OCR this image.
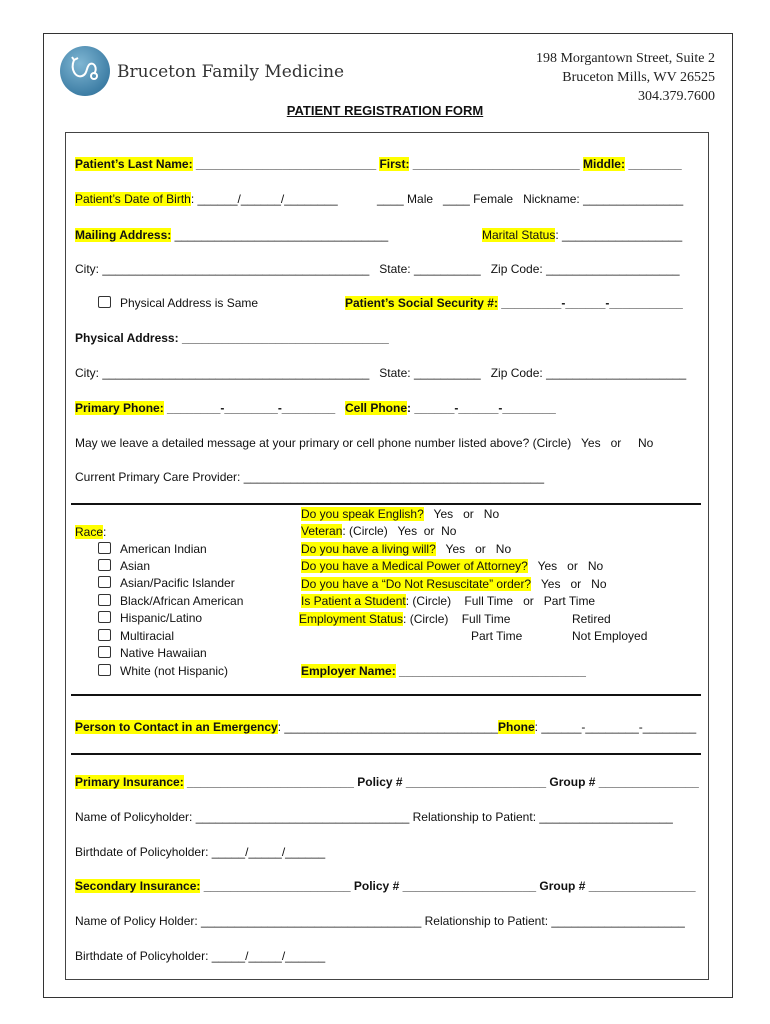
Bruceton Family Medicine
198 Morgantown Street, Suite 2
Bruceton Mills, WV 26525
304.379.7600
PATIENT REGISTRATION FORM
Patient’s Last Name: ___________________________ First: _________________________ Middle: ________
Patient’s Date of Birth: ______/______/________	____ Male   ____ Female   Nickname: _______________
Mailing Address: ________________________________	Marital Status: __________________
City: ________________________________________   State: __________   Zip Code: ____________________
Physical Address is Same	Patient’s Social Security #: _________-______-___________
Physical Address: _______________________________
City: ________________________________________   State: __________   Zip Code: _____________________
Primary Phone: ________-________-________ Cell Phone: ______-______-________
May we leave a detailed message at your primary or cell phone number listed above? (Circle)   Yes   or     No
Current Primary Care Provider: _____________________________________________
Race:
American Indian
Asian
Asian/Pacific Islander
Black/African American
Hispanic/Latino
Multiracial
Native Hawaiian
White (not Hispanic)
Do you speak English? Yes   or   No
Veteran: (Circle)   Yes  or  No
Do you have a living will? Yes   or   No
Do you have a Medical Power of Attorney? Yes   or   No
Do you have a “Do Not Resuscitate” order? Yes   or   No
Is Patient a Student: (Circle)    Full Time   or   Part Time
Employment Status: (Circle)    Full Time	Retired
Part Time	Not Employed
Employer Name: ____________________________
Person to Contact in an Emergency: ________________________________ Phone: ______-________-________
Primary Insurance: _________________________ Policy # _____________________ Group # _______________
Name of Policyholder: ________________________________ Relationship to Patient: ____________________
Birthdate of Policyholder: _____/_____/______
Secondary Insurance: ______________________ Policy # ____________________ Group # ________________
Name of Policy Holder: _________________________________ Relationship to Patient: ____________________
Birthdate of Policyholder: _____/_____/______
